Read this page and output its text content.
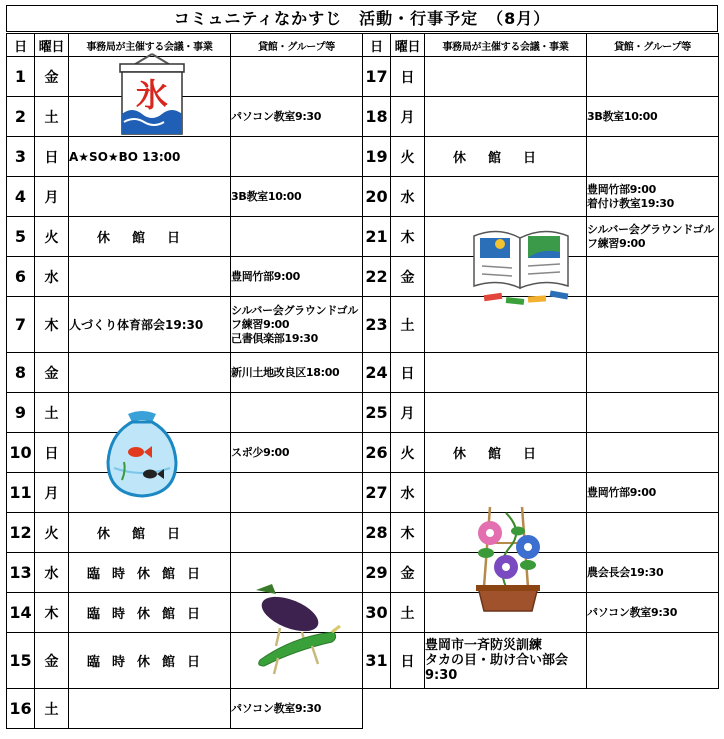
コミュニティなかすじ　活動・行事予定　（8月）
日	曜日	事務局が主催する会議・事業	貸館・グループ等
1	金		
2	土		パソコン教室9:30
3	日	A★SO★BO 13:00	
4	月		3B教室10:00
5	火	休館日	
6	水		豊岡竹部9:00
7	木	人づくり体育部会19:30	シルバー会グラウンドゴルフ練習9:00
己書倶楽部19:30
8	金		新川土地改良区18:00
9	土		
10	日		スポ少9:00
11	月		
12	火	休館日	
13	水	臨時休館日	
14	木	臨時休館日	
15	金	臨時休館日	
16	土		パソコン教室9:30
日	曜日	事務局が主催する会議・事業	貸館・グループ等
17	日		
18	月		3B教室10:00
19	火	休館日	
20	水		豊岡竹部9:00
着付け教室19:30
21	木		シルバー会グラウンドゴルフ練習9:00
22	金		
23	土		
24	日		
25	月		
26	火	休館日	
27	水		豊岡竹部9:00
28	木		
29	金		農会長会19:30
30	土		パソコン教室9:30
31	日	豊岡市一斉防災訓練
タカの目・助け合い部会
9:30	
氷
